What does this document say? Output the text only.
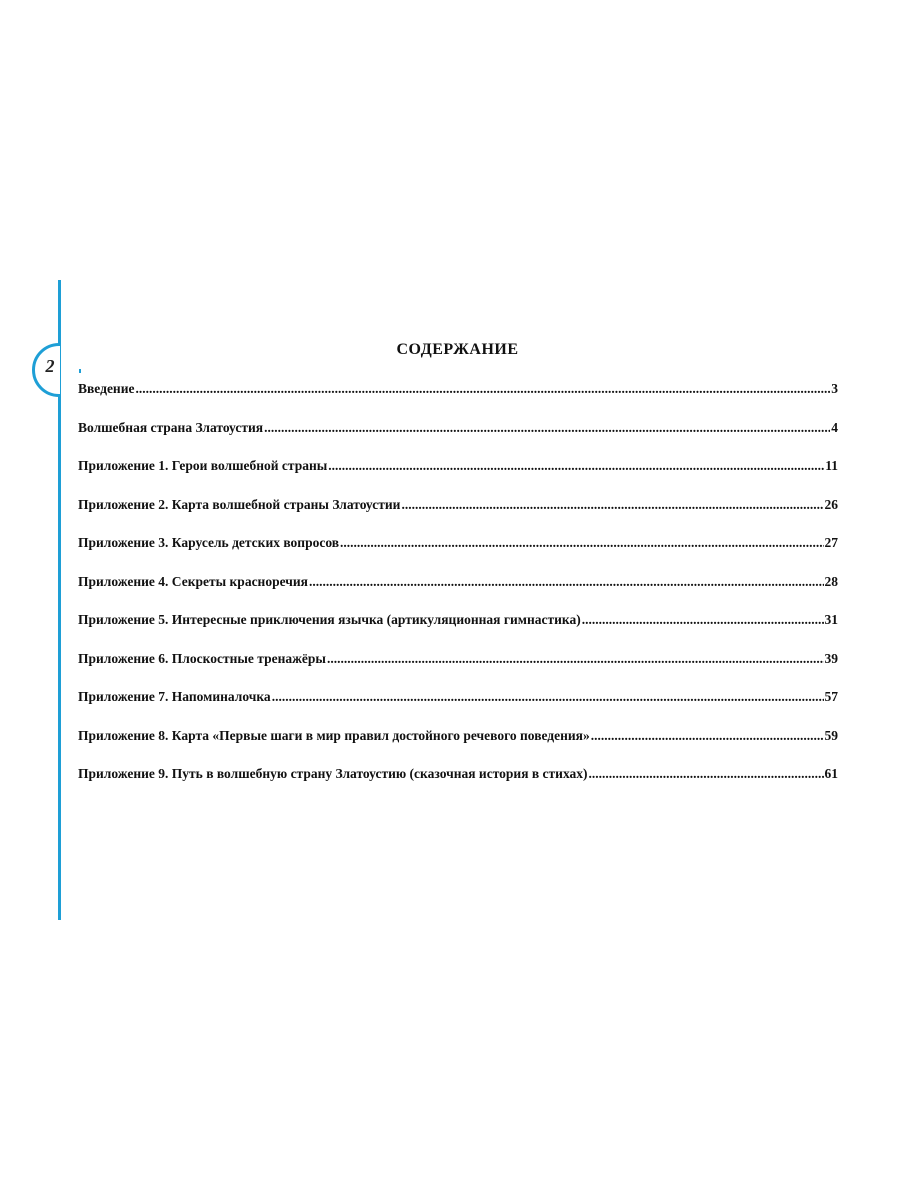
2
СОДЕРЖАНИЕ
Введение .....	3
Волшебная страна Златоустия .....	4
Приложение 1. Герои волшебной страны .....	11
Приложение 2. Карта волшебной страны Златоустии .....	26
Приложение 3. Карусель детских вопросов .....	27
Приложение 4. Секреты красноречия .....	28
Приложение 5. Интересные приключения язычка (артикуляционная гимнастика) .....	31
Приложение 6. Плоскостные тренажёры .....	39
Приложение 7. Напоминалочка .....	57
Приложение 8. Карта «Первые шаги в мир правил достойного речевого поведения» .....	59
Приложение 9. Путь в волшебную страну Златоустию (сказочная история в стихах) .....	61
